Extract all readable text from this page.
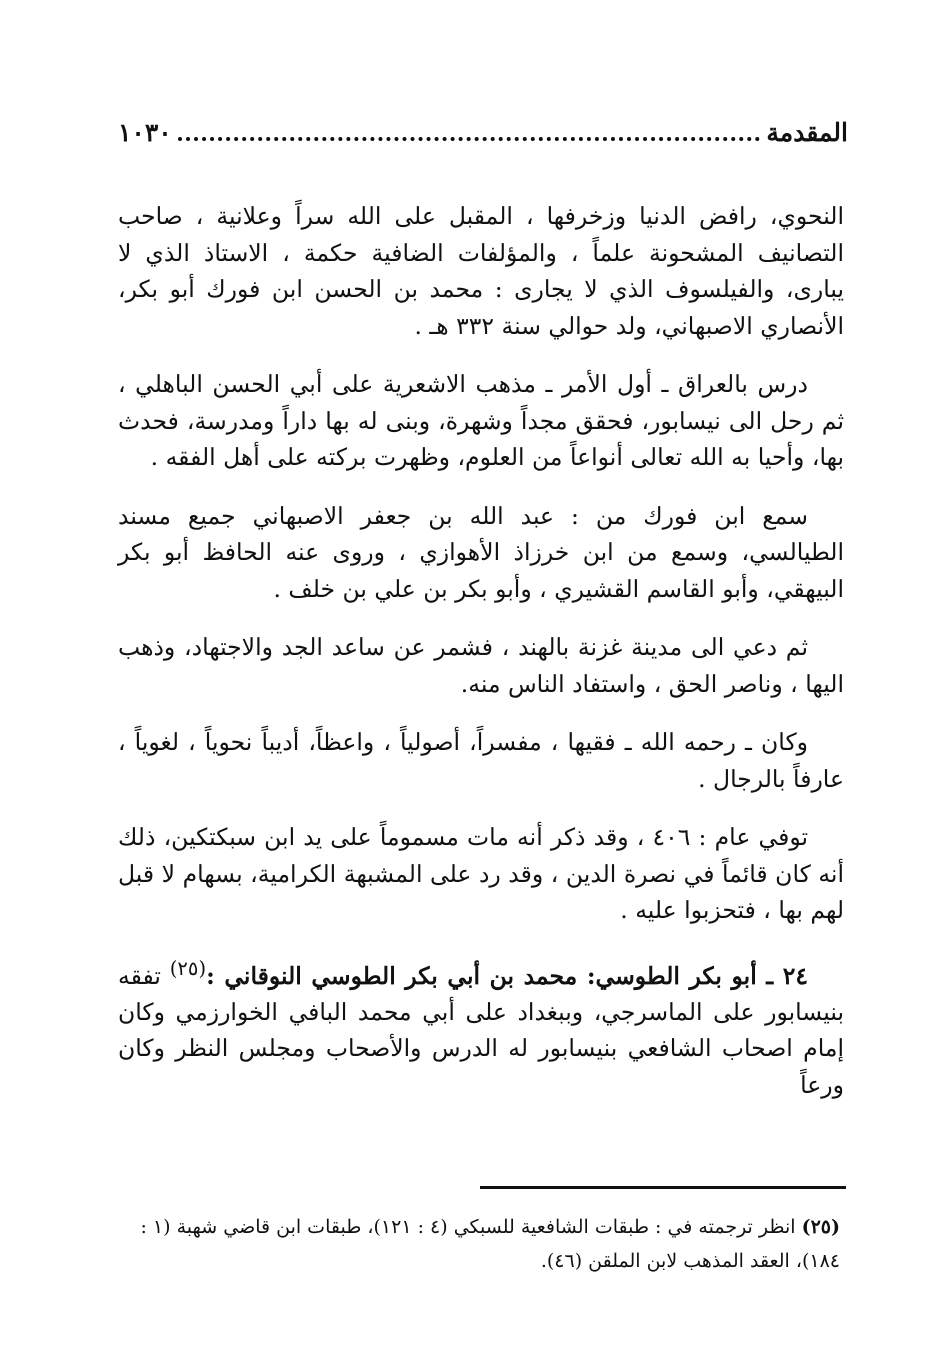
المقدمة
١٠٣٠

النحوي، رافض الدنيا وزخرفها ، المقبل على الله سراً وعلانية ، صاحب التصانيف المشحونة علماً ، والمؤلفات الضافية حكمة ، الاستاذ الذي لا يبارى، والفيلسوف الذي لا يجارى : محمد بن الحسن ابن فورك أبو بكر، الأنصاري الاصبهاني، ولد حوالي سنة ٣٣٢ هـ .

درس بالعراق ـ أول الأمر ـ مذهب الاشعرية على أبي الحسن الباهلي ، ثم رحل الى نيسابور، فحقق مجداً وشهرة، وبنى له بها داراً ومدرسة، فحدث بها، وأحيا به الله تعالى أنواعاً من العلوم، وظهرت بركته على أهل الفقه .

سمع ابن فورك من : عبد الله بن جعفر الاصبهاني جميع مسند الطيالسي، وسمع من ابن خرزاذ الأهوازي ، وروى عنه الحافظ أبو بكر البيهقي، وأبو القاسم القشيري ، وأبو بكر بن علي بن خلف .

ثم دعي الى مدينة غزنة بالهند ، فشمر عن ساعد الجد والاجتهاد، وذهب اليها ، وناصر الحق ، واستفاد الناس منه.

وكان ـ رحمه الله ـ فقيها ، مفسراً، أصولياً ، واعظاً، أديباً نحوياً ، لغوياً ، عارفاً بالرجال .

توفي عام : ٤٠٦ ، وقد ذكر أنه مات مسموماً على يد ابن سبكتكين، ذلك أنه كان قائماً في نصرة الدين ، وقد رد على المشبهة الكرامية، بسهام لا قبل لهم بها ، فتحزبوا عليه .

٢٤ ـ أبو بكر الطوسي: محمد بن أبي بكر الطوسي النوقاني :$^{(٢٥)}$ تفقه بنيسابور على الماسرجي، وببغداد على أبي محمد البافي الخوارزمي وكان إمام اصحاب الشافعي بنيسابور له الدرس والأصحاب ومجلس النظر وكان ورعاً

(٢٥) انظر ترجمته في : طبقات الشافعية للسبكي (٤ : ١٢١)، طبقات ابن قاضي شهبة (١ : ١٨٤)، العقد المذهب لابن الملقن (٤٦).
